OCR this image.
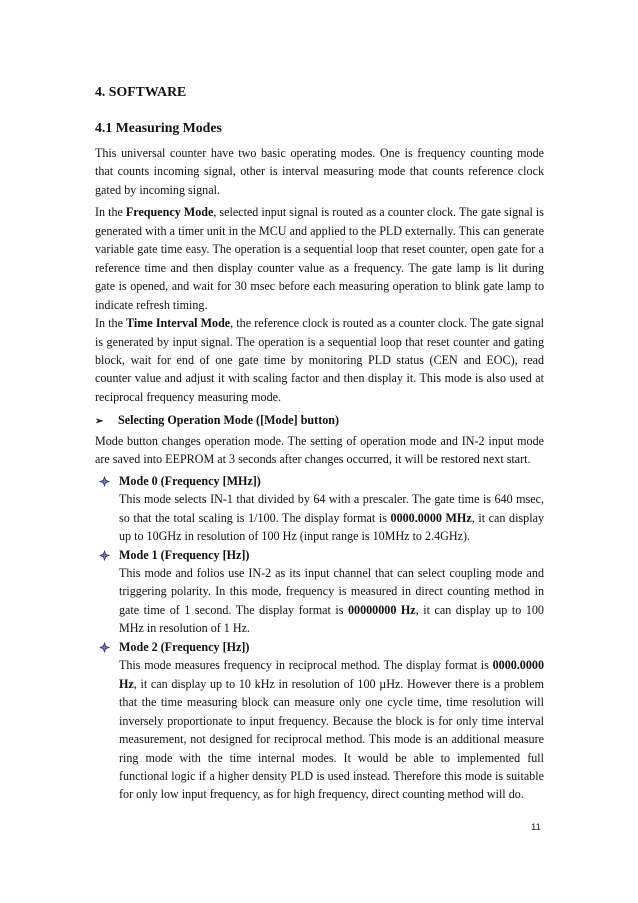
4. SOFTWARE
4.1 Measuring Modes

This universal counter have two basic operating modes. One is frequency counting mode that counts incoming signal, other is interval measuring mode that counts reference clock gated by incoming signal.

In the Frequency Mode, selected input signal is routed as a counter clock. The gate signal is generated with a timer unit in the MCU and applied to the PLD externally. This can generate variable gate time easy. The operation is a sequential loop that reset counter, open gate for a reference time and then display counter value as a frequency. The gate lamp is lit during gate is opened, and wait for 30 msec before each measuring operation to blink gate lamp to indicate refresh timing.

In the Time Interval Mode, the reference clock is routed as a counter clock. The gate signal is generated by input signal. The operation is a sequential loop that reset counter and gating block, wait for end of one gate time by monitoring PLD status (CEN and EOC), read counter value and adjust it with scaling factor and then display it. This mode is also used at reciprocal frequency measuring mode.

➢ Selecting Operation Mode ([Mode] button)

Mode button changes operation mode. The setting of operation mode and IN-2 input mode are saved into EEPROM at 3 seconds after changes occurred, it will be restored next start.

Mode 0 (Frequency [MHz])
This mode selects IN-1 that divided by 64 with a prescaler. The gate time is 640 msec, so that the total scaling is 1/100. The display format is 0000.0000 MHz, it can display up to 10GHz in resolution of 100 Hz (input range is 10MHz to 2.4GHz).
Mode 1 (Frequency [Hz])
This mode and folios use IN-2 as its input channel that can select coupling mode and triggering polarity. In this mode, frequency is measured in direct counting method in gate time of 1 second. The display format is 00000000 Hz, it can display up to 100 MHz in resolution of 1 Hz.
Mode 2 (Frequency [Hz])
This mode measures frequency in reciprocal method. The display format is 0000.0000 Hz, it can display up to 10 kHz in resolution of 100 µHz. However there is a problem that the time measuring block can measure only one cycle time, time resolution will inversely proportionate to input frequency. Because the block is for only time interval measurement, not designed for reciprocal method. This mode is an additional measure ring mode with the time internal modes. It would be able to implemented full functional logic if a higher density PLD is used instead. Therefore this mode is suitable for only low input frequency, as for high frequency, direct counting method will do.
11
